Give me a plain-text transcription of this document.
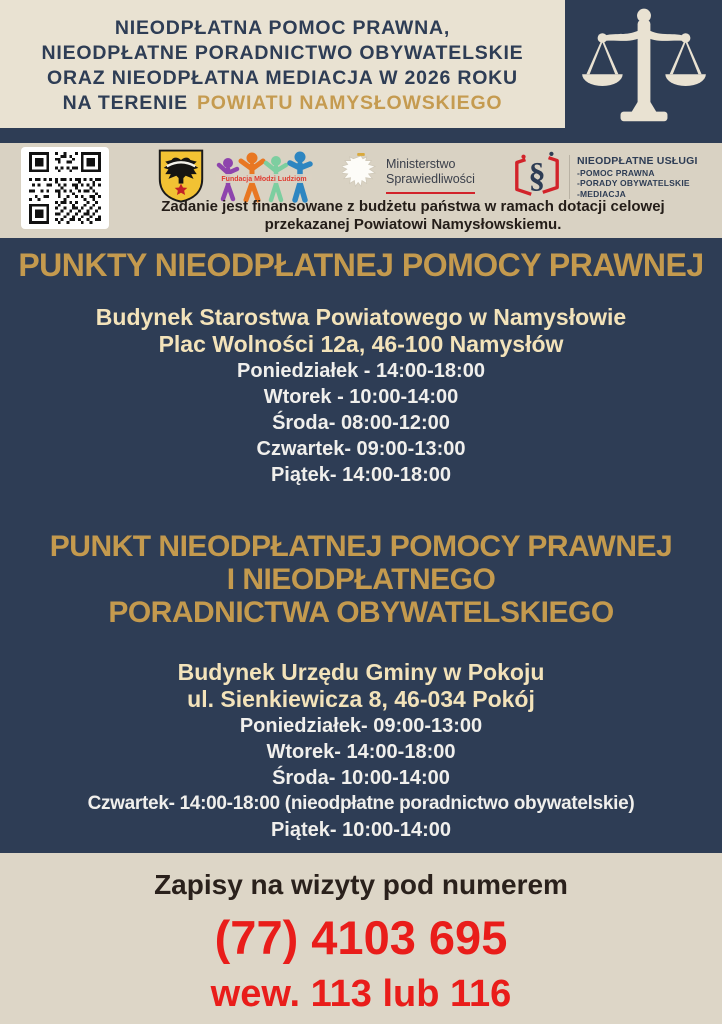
NIEODPŁATNA POMOC PRAWNA,
NIEODPŁATNE PORADNICTWO OBYWATELSKIE
ORAZ NIEODPŁATNA MEDIACJA W 2026 ROKU
NA TERENIE POWIATU NAMYSŁOWSKIEGO
Fundacja Młodzi Ludziom
Ministerstwo
Sprawiedliwości §	NIEODPŁATNE USŁUGI
-POMOC PRAWNA
-PORADY OBYWATELSKIE
-MEDIACJA
Zadanie jest finansowane z budżetu państwa w ramach dotacji celowej
przekazanej Powiatowi Namysłowskiemu.
PUNKTY NIEODPŁATNEJ POMOCY PRAWNEJ
Budynek Starostwa Powiatowego w Namysłowie
Plac Wolności 12a, 46-100 Namysłów
Poniedziałek - 14:00-18:00
Wtorek - 10:00-14:00
Środa- 08:00-12:00
Czwartek- 09:00-13:00
Piątek- 14:00-18:00
PUNKT NIEODPŁATNEJ POMOCY PRAWNEJ
I NIEODPŁATNEGO
PORADNICTWA OBYWATELSKIEGO
Budynek Urzędu Gminy w Pokoju
ul. Sienkiewicza 8, 46-034 Pokój
Poniedziałek- 09:00-13:00
Wtorek- 14:00-18:00
Środa- 10:00-14:00
Czwartek- 14:00-18:00 (nieodpłatne poradnictwo obywatelskie)
Piątek- 10:00-14:00
Zapisy na wizyty pod numerem
(77) 4103 695
wew. 113 lub 116
